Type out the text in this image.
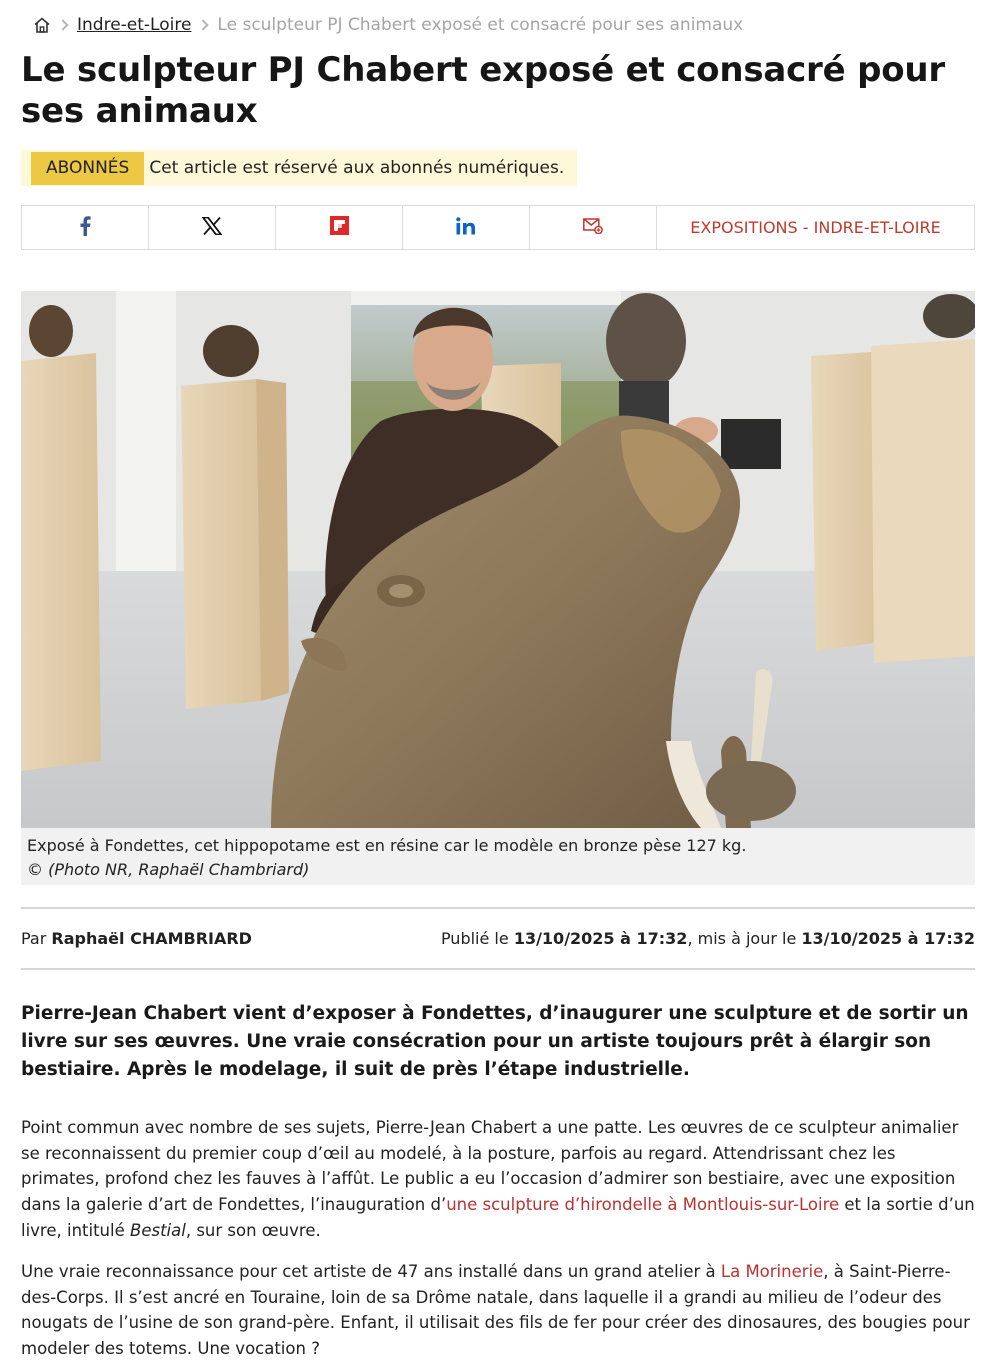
Indre-et-Loire Le sculpteur PJ Chabert exposé et consacré pour ses animaux
Le sculpteur PJ Chabert exposé et consacré pour ses animaux
ABONNÉS	Cet article est réservé aux abonnés numériques.
EXPOSITIONS - INDRE-ET-LOIRE
Exposé à Fondettes, cet hippopotame est en résine car le modèle en bronze pèse 127 kg.
© (Photo NR, Raphaël Chambriard)
Par Raphaël CHAMBRIARD	Publié le 13/10/2025 à 17:32, mis à jour le 13/10/2025 à 17:32

Pierre-Jean Chabert vient d’exposer à Fondettes, d’inaugurer une sculpture et de sortir un livre sur ses œuvres. Une vraie consécration pour un artiste toujours prêt à élargir son bestiaire. Après le modelage, il suit de près l’étape industrielle.

Point commun avec nombre de ses sujets, Pierre-Jean Chabert a une patte. Les œuvres de ce sculpteur animalier se reconnaissent du premier coup d’œil au modelé, à la posture, parfois au regard. Attendrissant chez les primates, profond chez les fauves à l’affût. Le public a eu l’occasion d’admirer son bestiaire, avec une exposition dans la galerie d’art de Fondettes, l’inauguration d’une sculpture d’hirondelle à Montlouis-sur-Loire et la sortie d’un livre, intitulé Bestial, sur son œuvre.

Une vraie reconnaissance pour cet artiste de 47 ans installé dans un grand atelier à La Morinerie, à Saint-Pierre-des-Corps. Il s’est ancré en Touraine, loin de sa Drôme natale, dans laquelle il a grandi au milieu de l’odeur des nougats de l’usine de son grand-père. Enfant, il utilisait des fils de fer pour créer des dinosaures, des bougies pour modeler des totems. Une vocation ?
